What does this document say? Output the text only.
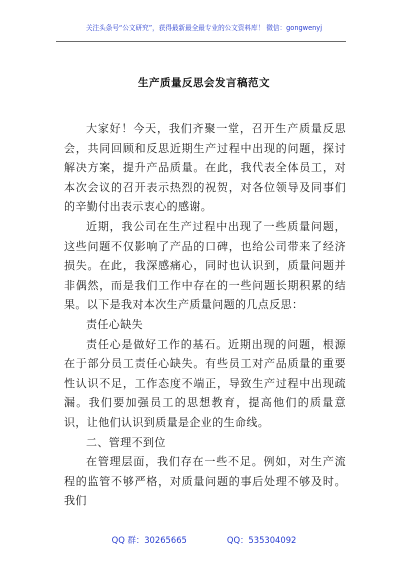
关注头条号“公文研究”，获得最新最全最专业的公文资料库！ 微信：gongwenyj
生产质量反思会发言稿范文

大家好！今天，我们齐聚一堂，召开生产质量反思会，共同回顾和反思近期生产过程中出现的问题，探讨解决方案，提升产品质量。在此，我代表全体员工，对本次会议的召开表示热烈的祝贺，对各位领导及同事们的辛勤付出表示衷心的感谢。

近期，我公司在生产过程中出现了一些质量问题，这些问题不仅影响了产品的口碑，也给公司带来了经济损失。在此，我深感痛心，同时也认识到，质量问题并非偶然，而是我们工作中存在的一些问题长期积累的结果。以下是我对本次生产质量问题的几点反思：

责任心缺失

责任心是做好工作的基石。近期出现的问题，根源在于部分员工责任心缺失。有些员工对产品质量的重要性认识不足，工作态度不端正，导致生产过程中出现疏漏。我们要加强员工的思想教育，提高他们的质量意识，让他们认识到质量是企业的生命线。

二、管理不到位

在管理层面，我们存在一些不足。例如，对生产流程的监管不够严格，对质量问题的事后处理不够及时。我们

QQ 群：30265665	QQ：535304092
